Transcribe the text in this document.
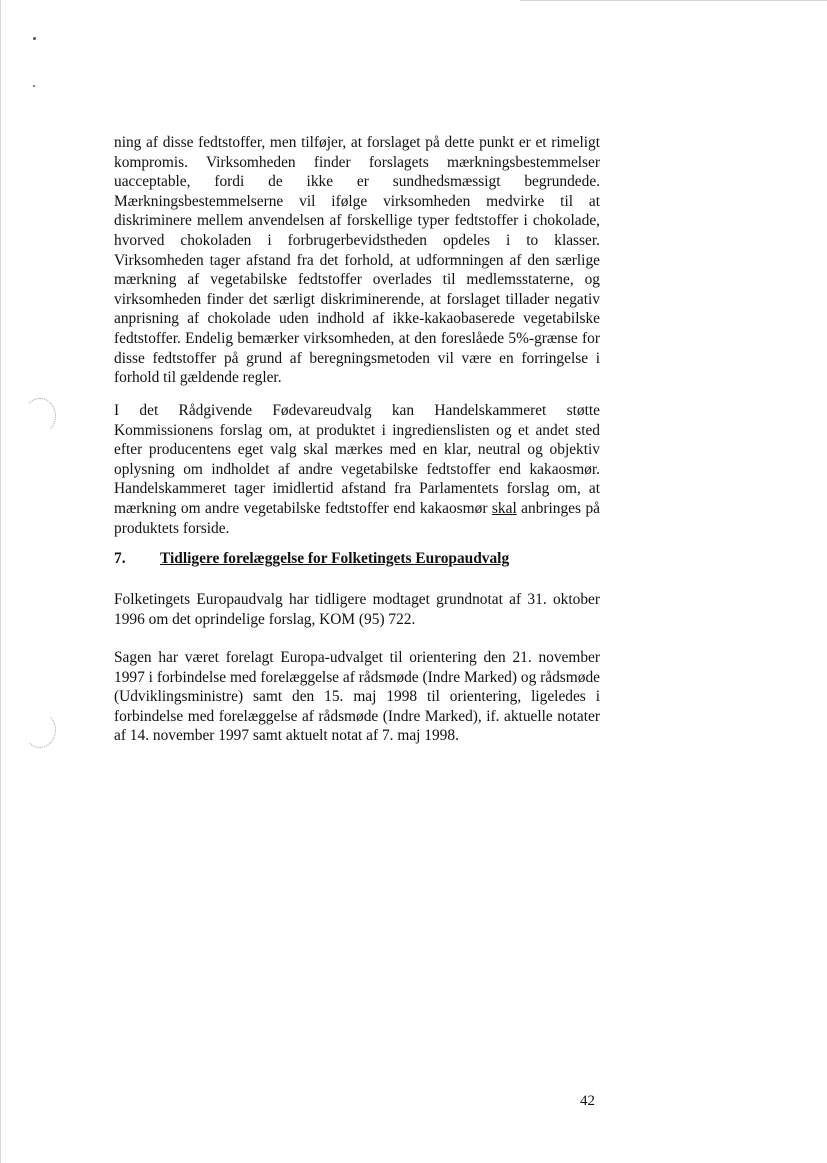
ning af disse fedtstoffer, men tilføjer, at forslaget på dette punkt er et rimeligt kompromis. Virksomheden finder forslagets mærkningsbestemmelser uacceptable, fordi de ikke er sundhedsmæssigt begrundede. Mærkningsbestemmelserne vil ifølge virksomheden medvirke til at diskriminere mellem anvendelsen af forskellige typer fedtstoffer i chokolade, hvorved chokoladen i forbrugerbevidstheden opdeles i to klasser. Virksomheden tager afstand fra det forhold, at udformningen af den særlige mærkning af vegetabilske fedtstoffer overlades til medlemsstaterne, og virksomheden finder det særligt diskriminerende, at forslaget tillader negativ anprisning af chokolade uden indhold af ikke-kakaobaserede vegetabilske fedtstoffer. Endelig bemærker virksomheden, at den foreslåede 5%-grænse for disse fedtstoffer på grund af beregningsmetoden vil være en forringelse i forhold til gældende regler.

I det Rådgivende Fødevareudvalg kan Handelskammeret støtte Kommissionens forslag om, at produktet i ingredienslisten og et andet sted efter producentens eget valg skal mærkes med en klar, neutral og objektiv oplysning om indholdet af andre vegetabilske fedtstoffer end kakaosmør. Handelskammeret tager imidlertid afstand fra Parlamentets forslag om, at mærkning om andre vegetabilske fedtstoffer end kakaosmør skal anbringes på produktets forside.

7. Tidligere forelæggelse for Folketingets Europaudvalg

Folketingets Europaudvalg har tidligere modtaget grundnotat af 31. oktober 1996 om det oprindelige forslag, KOM (95) 722.

Sagen har været forelagt Europa-udvalget til orientering den 21. november 1997 i forbindelse med forelæggelse af rådsmøde (Indre Marked) og rådsmøde (Udviklingsministre) samt den 15. maj 1998 til orientering, ligeledes i forbindelse med forelæggelse af rådsmøde (Indre Marked), if. aktuelle notater af 14. november 1997 samt aktuelt notat af 7. maj 1998.

42
